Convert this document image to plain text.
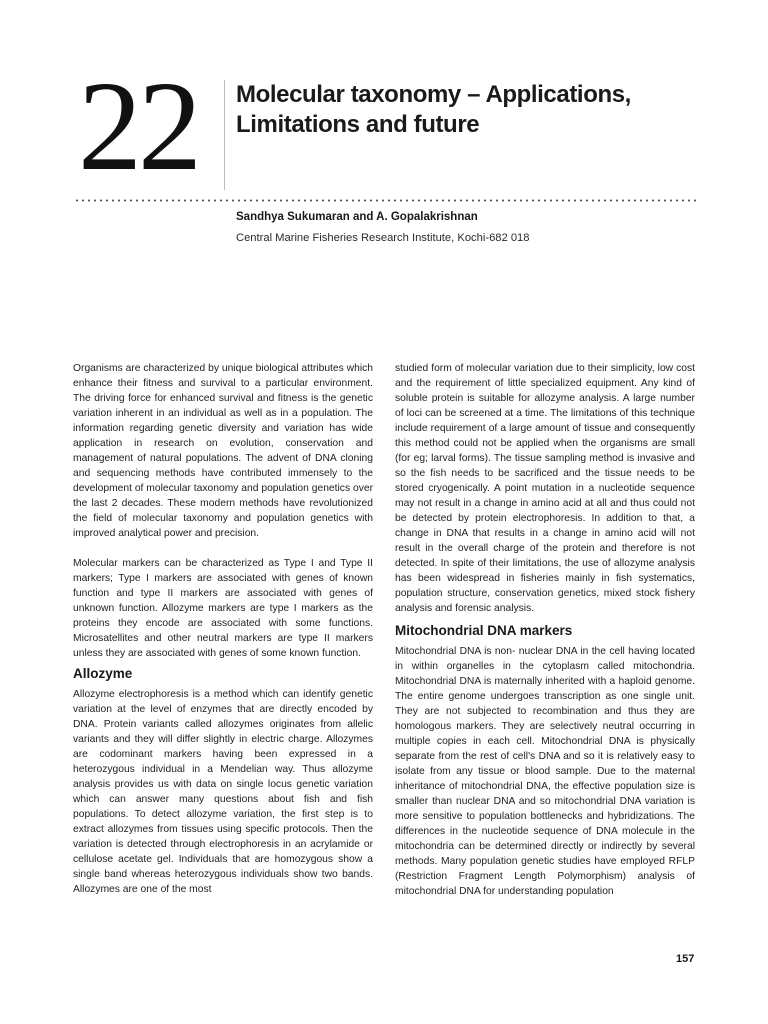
22 Molecular taxonomy – Applications,
Limitations and future
Sandhya Sukumaran and A. Gopalakrishnan
Central Marine Fisheries Research Institute, Kochi-682 018

Organisms are characterized by unique biological attributes which enhance their fitness and survival to a particular environment. The driving force for enhanced survival and fitness is the genetic variation inherent in an individual as well as in a population. The information regarding genetic diversity and variation has wide application in research on evolution, conservation and management of natural populations. The advent of DNA cloning and sequencing methods have contributed immensely to the development of molecular taxonomy and population genetics over the last 2 decades. These modern methods have revolutionized the field of molecular taxonomy and population genetics with improved analytical power and precision.

Molecular markers can be characterized as Type I and Type II markers; Type I markers are associated with genes of known function and type II markers are associated with genes of unknown function. Allozyme markers are type I markers as the proteins they encode are associated with some functions. Microsatellites and other neutral markers are type II markers unless they are associated with genes of some known function.

Allozyme

Allozyme electrophoresis is a method which can identify genetic variation at the level of enzymes that are directly encoded by DNA. Protein variants called allozymes originates from allelic variants and they will differ slightly in electric charge. Allozymes are codominant markers having been expressed in a heterozygous individual in a Mendelian way. Thus allozyme analysis provides us with data on single locus genetic variation which can answer many questions about fish and fish populations. To detect allozyme variation, the first step is to extract allozymes from tissues using specific protocols. Then the variation is detected through electrophoresis in an acrylamide or cellulose acetate gel. Individuals that are homozygous show a single band whereas heterozygous individuals show two bands. Allozymes are one of the most

studied form of molecular variation due to their simplicity, low cost and the requirement of little specialized equipment. Any kind of soluble protein is suitable for allozyme analysis. A large number of loci can be screened at a time. The limitations of this technique include requirement of a large amount of tissue and consequently this method could not be applied when the organisms are small (for eg; larval forms). The tissue sampling method is invasive and so the fish needs to be sacrificed and the tissue needs to be stored cryogenically. A point mutation in a nucleotide sequence may not result in a change in amino acid at all and thus could not be detected by protein electrophoresis. In addition to that, a change in DNA that results in a change in amino acid will not result in the overall charge of the protein and therefore is not detected. In spite of their limitations, the use of allozyme analysis has been widespread in fisheries mainly in fish systematics, population structure, conservation genetics, mixed stock fishery analysis and forensic analysis.

Mitochondrial DNA markers

Mitochondrial DNA is non- nuclear DNA in the cell having located in within organelles in the cytoplasm called mitochondria. Mitochondrial DNA is maternally inherited with a haploid genome. The entire genome undergoes transcription as one single unit. They are not subjected to recombination and thus they are homologous markers. They are selectively neutral occurring in multiple copies in each cell. Mitochondrial DNA is physically separate from the rest of cell's DNA and so it is relatively easy to isolate from any tissue or blood sample. Due to the maternal inheritance of mitochondrial DNA, the effective population size is smaller than nuclear DNA and so mitochondrial DNA variation is more sensitive to population bottlenecks and hybridizations. The differences in the nucleotide sequence of DNA molecule in the mitochondria can be determined directly or indirectly by several methods. Many population genetic studies have employed RFLP (Restriction Fragment Length Polymorphism) analysis of mitochondrial DNA for understanding population

157
